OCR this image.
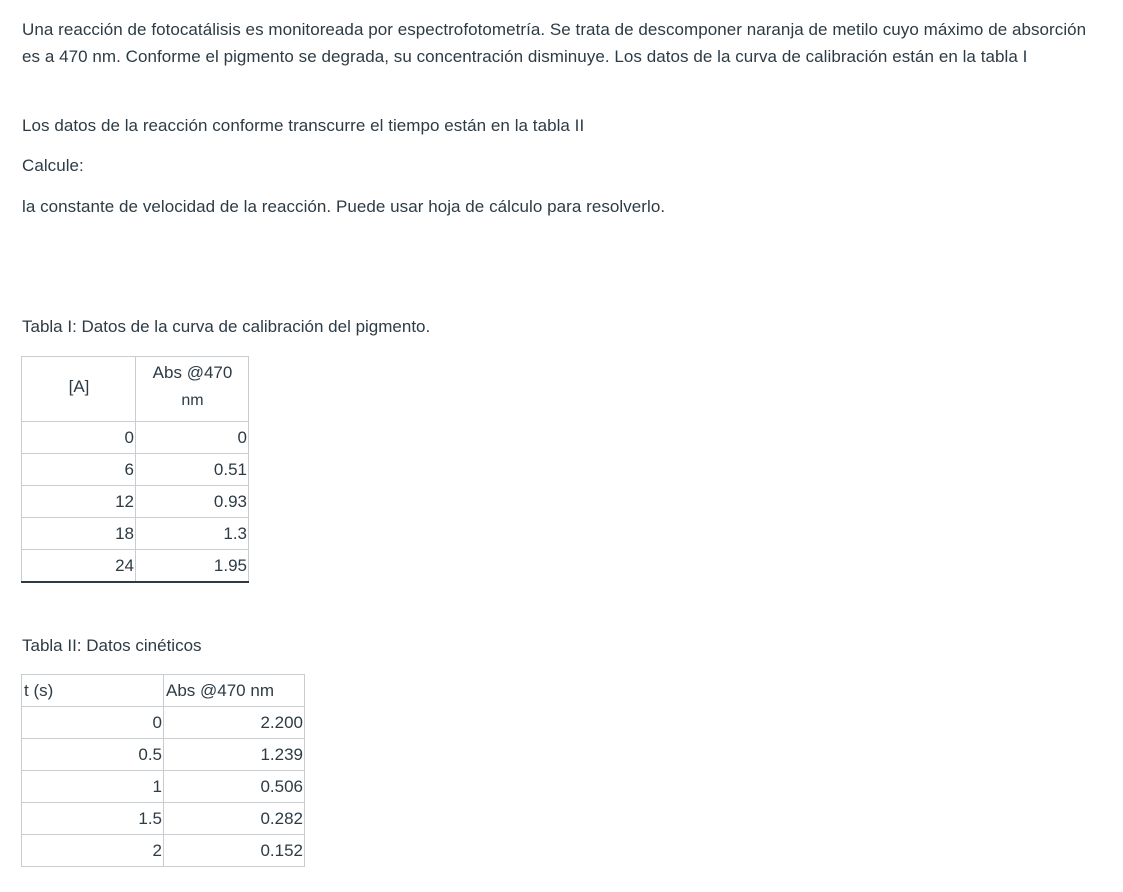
Una reacción de fotocatálisis es monitoreada por espectrofotometría. Se trata de descomponer naranja de metilo cuyo máximo de absorción es a 470 nm. Conforme el pigmento se degrada, su concentración disminuye. Los datos de la curva de calibración están en la tabla I

Los datos de la reacción conforme transcurre el tiempo están en la tabla II

Calcule:

la constante de velocidad de la reacción. Puede usar hoja de cálculo para resolverlo.

Tabla I: Datos de la curva de calibración del pigmento.

[A]	Abs @470
nm
0	0
6	0.51
12	0.93
18	1.3
24	1.95

Tabla II: Datos cinéticos

t (s)	Abs @470 nm
0	2.200
0.5	1.239
1	0.506
1.5	0.282
2	0.152
